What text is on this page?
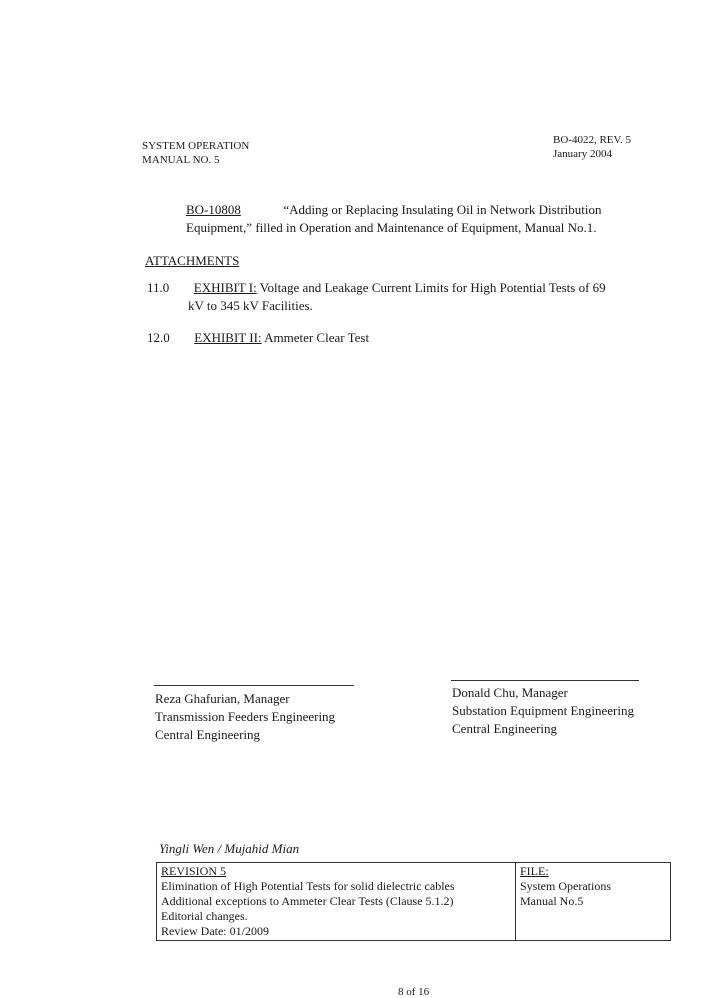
SYSTEM OPERATION
MANUAL NO. 5
BO-4022, REV. 5
January 2004
BO-10808	“Adding or Replacing Insulating Oil in Network Distribution
Equipment,” filled in Operation and Maintenance of Equipment, Manual No.1.
ATTACHMENTS
11.0 EXHIBIT I: Voltage and Leakage Current Limits for High Potential Tests of 69
kV to 345 kV Facilities.
12.0 EXHIBIT II: Ammeter Clear Test
Reza Ghafurian, Manager
Transmission Feeders Engineering
Central Engineering
Donald Chu, Manager
Substation Equipment Engineering
Central Engineering
Yingli Wen / Mujahid Mian
REVISION 5
Elimination of High Potential Tests for solid dielectric cables
Additional exceptions to Ammeter Clear Tests (Clause 5.1.2)
Editorial changes.
Review Date: 01/2009

FILE:
System Operations
Manual No.5
8 of 16
